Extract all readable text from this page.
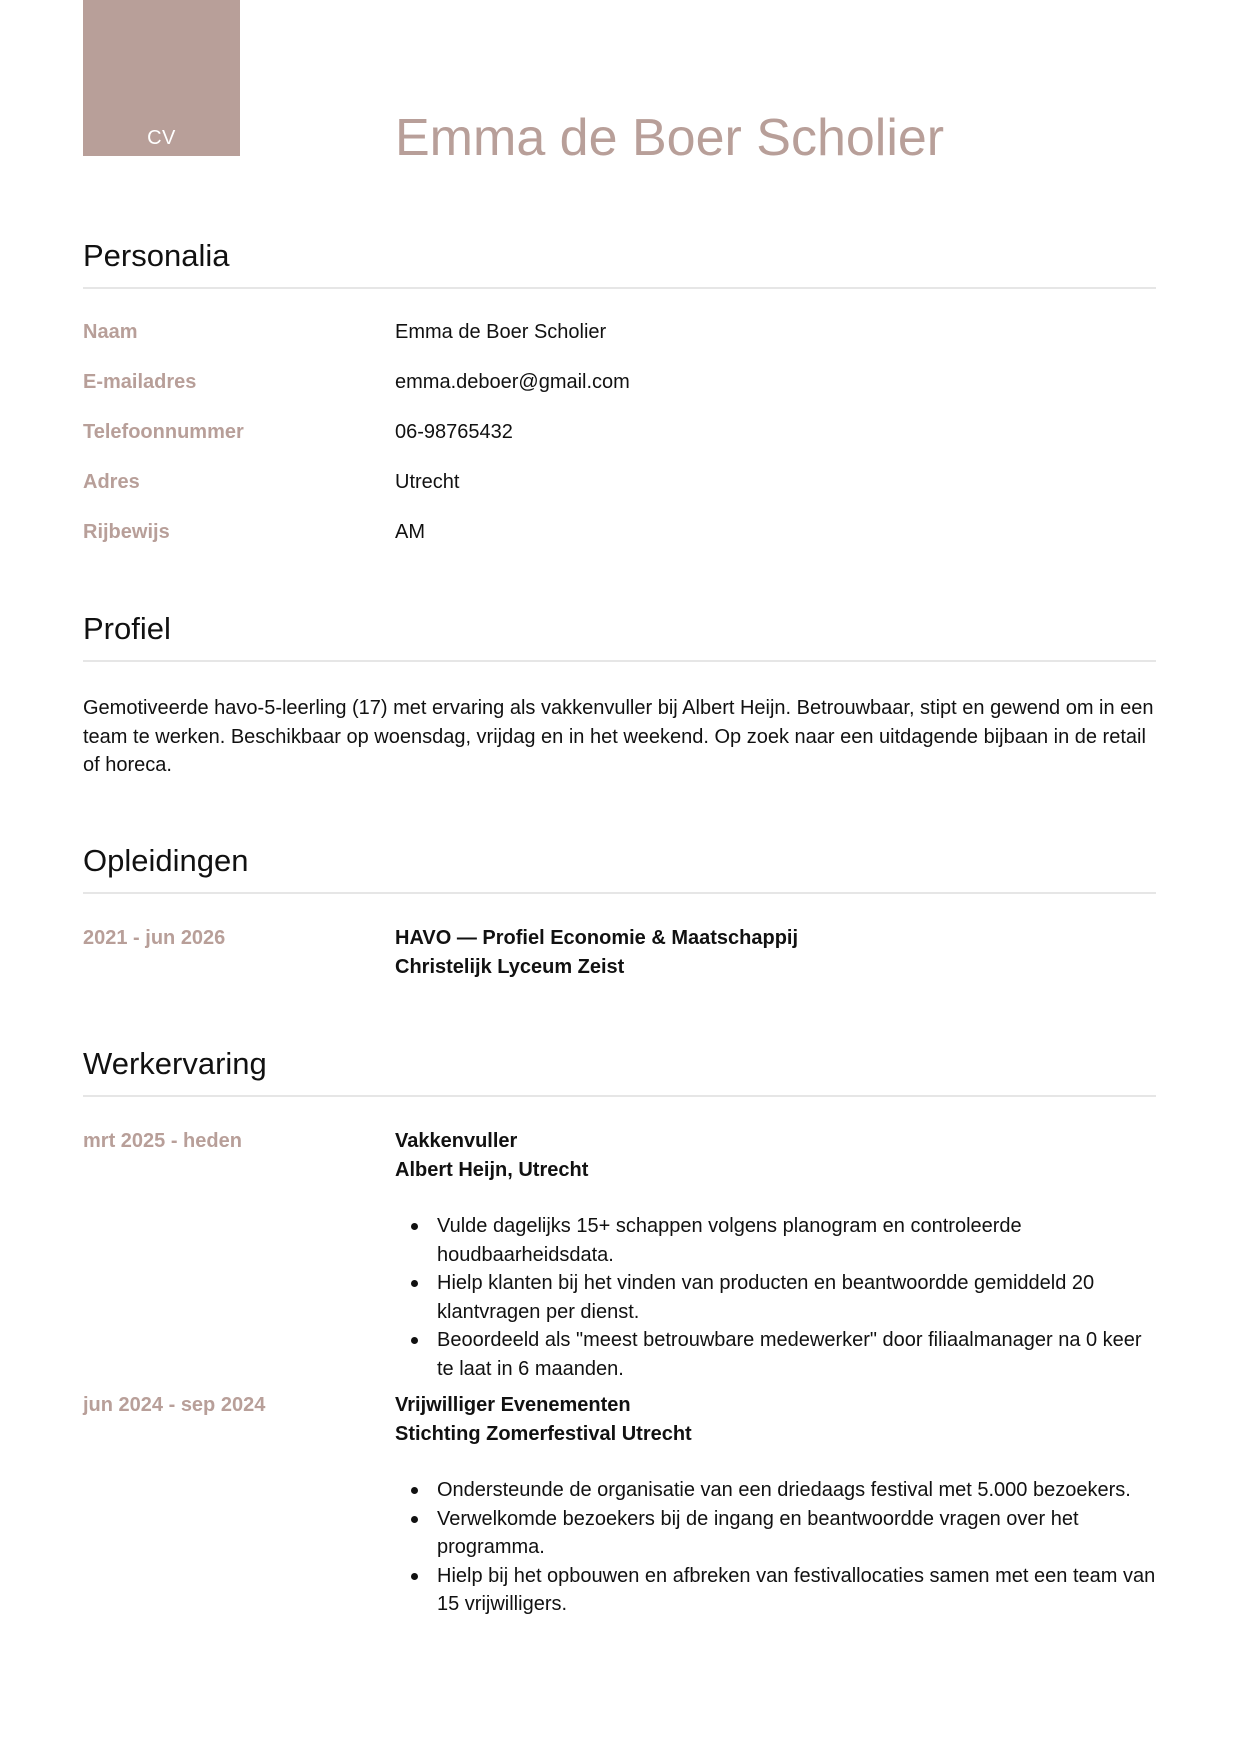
CV	Emma de Boer Scholier
Personalia
Naam	Emma de Boer Scholier
E-mailadres	emma.deboer@gmail.com
Telefoonnummer	06-98765432
Adres	Utrecht
Rijbewijs	AM
Profiel

Gemotiveerde havo-5-leerling (17) met ervaring als vakkenvuller bij Albert Heijn. Betrouwbaar, stipt en gewend om in een team te werken. Beschikbaar op woensdag, vrijdag en in het weekend. Op zoek naar een uitdagende bijbaan in de retail of horeca.

Opleidingen
2021 - jun 2026	HAVO — Profiel Economie & Maatschappij
Christelijk Lyceum Zeist
Werkervaring
mrt 2025 - heden	Vakkenvuller
Albert Heijn, Utrecht
Vulde dagelijks 15+ schappen volgens planogram en controleerde houdbaarheidsdata.
Hielp klanten bij het vinden van producten en beantwoordde gemiddeld 20 klantvragen per dienst.
Beoordeeld als "meest betrouwbare medewerker" door filiaalmanager na 0 keer te laat in 6 maanden.
jun 2024 - sep 2024	Vrijwilliger Evenementen
Stichting Zomerfestival Utrecht
Ondersteunde de organisatie van een driedaags festival met 5.000 bezoekers.
Verwelkomde bezoekers bij de ingang en beantwoordde vragen over het programma.
Hielp bij het opbouwen en afbreken van festivallocaties samen met een team van 15 vrijwilligers.
